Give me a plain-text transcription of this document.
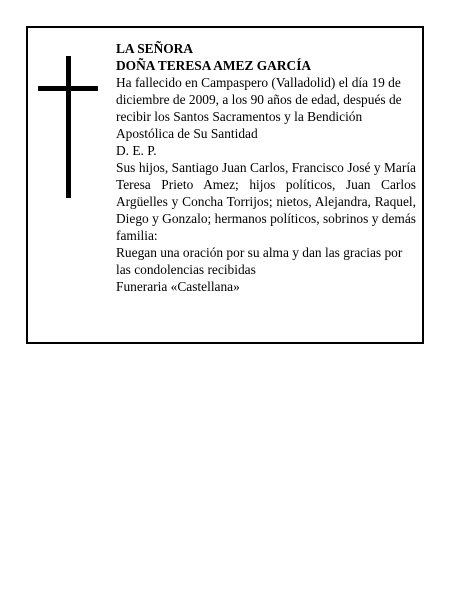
LA SEÑORA

DOÑA TERESA AMEZ GARCÍA

Ha fallecido en Campaspero (Valladolid) el día 19 de diciembre de 2009, a los 90 años de edad, después de recibir los Santos Sacramentos y la Bendición Apostólica de Su Santidad

D. E. P.

Sus hijos, Santiago Juan Carlos, Francisco José y María Teresa Prieto Amez; hijos políticos, Juan Carlos Argüelles y Concha Torrijos; nietos, Alejandra, Raquel, Diego y Gonzalo; hermanos políticos, sobrinos y demás familia:

Ruegan una oración por su alma y dan las gracias por las condolencias recibidas

Funeraria «Castellana»
